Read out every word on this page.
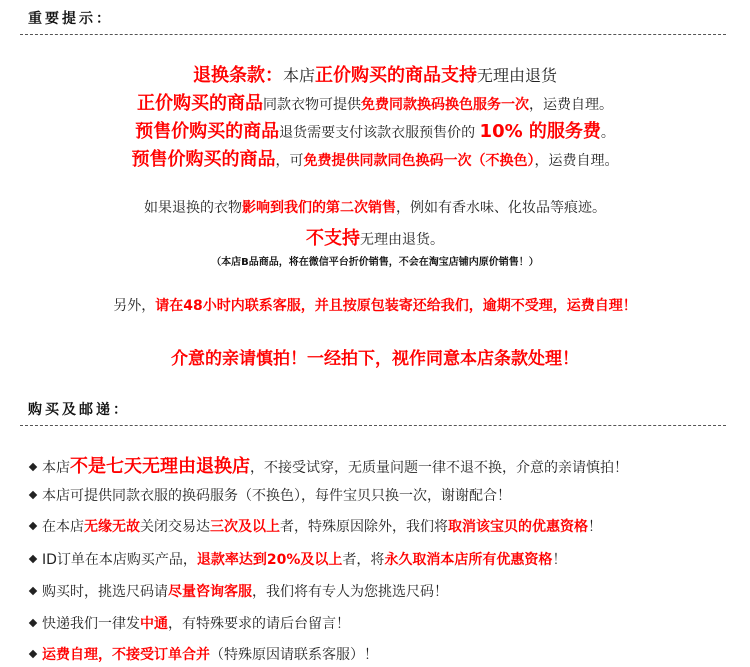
重要提示：
退换条款：本店正价购买的商品支持无理由退货
正价购买的商品同款衣物可提供免费同款换码换色服务一次，运费自理。
预售价购买的商品退货需要支付该款衣服预售价的 10% 的服务费。
预售价购买的商品，可免费提供同款同色换码一次（不换色），运费自理。
如果退换的衣物影响到我们的第二次销售，例如有香水味、化妆品等痕迹。
不支持无理由退货。
（本店B品商品，将在微信平台折价销售，不会在淘宝店铺内原价销售！）
另外，请在48小时内联系客服，并且按原包装寄还给我们，逾期不受理，运费自理！
介意的亲请慎拍！一经拍下，视作同意本店条款处理！
购买及邮递：
本店不是七天无理由退换店，不接受试穿，无质量问题一律不退不换，介意的亲请慎拍！
本店可提供同款衣服的换码服务（不换色），每件宝贝只换一次，谢谢配合！
在本店无缘无故关闭交易达三次及以上者，特殊原因除外，我们将取消该宝贝的优惠资格！
ID订单在本店购买产品，退款率达到20%及以上者，将永久取消本店所有优惠资格！
购买时，挑选尺码请尽量咨询客服，我们将有专人为您挑选尺码！
快递我们一律发中通，有特殊要求的请后台留言！
运费自理，不接受订单合并（特殊原因请联系客服）！
